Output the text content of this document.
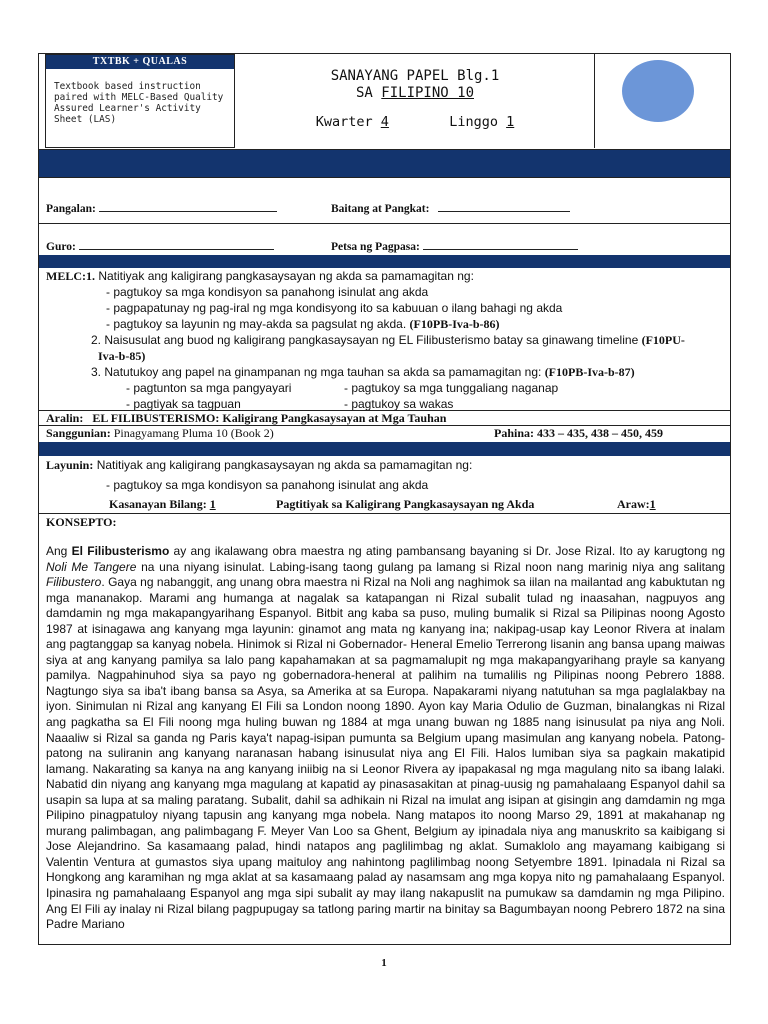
TXTBK + QUALAS
Textbook based instruction paired with MELC-Based Quality Assured Learner's Activity Sheet (LAS)
SANAYANG PAPEL Blg.1
SA FILIPINO 10
Kwarter 4	Linggo 1
Pangalan:	Baitang at Pangkat:
Guro:	Petsa ng Pagpasa:
MELC:1. Natitiyak ang kaligirang pangkasaysayan ng akda sa pamamagitan ng:
- pagtukoy sa mga kondisyon sa panahong isinulat ang akda
- pagpapatunay ng pag-iral ng mga kondisyong ito sa kabuuan o ilang bahagi ng akda
- pagtukoy sa layunin ng may-akda sa pagsulat ng akda. (F10PB-Iva-b-86)
2. Naisusulat ang buod ng kaligirang pangkasaysayan ng EL Filibusterismo batay sa ginawang timeline (F10PU-
Iva-b-85)
3. Natutukoy ang papel na ginampanan ng mga tauhan sa akda sa pamamagitan ng: (F10PB-Iva-b-87)
- pagtunton sa mga pangyayari	- pagtukoy sa mga tunggaliang naganap
- pagtiyak sa tagpuan	- pagtukoy sa wakas
Aralin: EL FILIBUSTERISMO: Kaligirang Pangkasaysayan at Mga Tauhan
Sanggunian: Pinagyamang Pluma 10 (Book 2)	Pahina: 433 – 435, 438 – 450, 459
Layunin: Natitiyak ang kaligirang pangkasaysayan ng akda sa pamamagitan ng:
- pagtukoy sa mga kondisyon sa panahong isinulat ang akda
Kasanayan Bilang: 1	Pagtitiyak sa Kaligirang Pangkasaysayan ng Akda	Araw:1
KONSEPTO:

Ang El Filibusterismo ay ang ikalawang obra maestra ng ating pambansang bayaning si Dr. Jose Rizal. Ito ay karugtong ng Noli Me Tangere na una niyang isinulat. Labing-isang taong gulang pa lamang si Rizal noon nang marinig niya ang salitang Filibustero. Gaya ng nabanggit, ang unang obra maestra ni Rizal na Noli ang naghimok sa iilan na mailantad ang kabuktutan ng mga mananakop. Marami ang humanga at nagalak sa katapangan ni Rizal subalit tulad ng inaasahan, nagpuyos ang damdamin ng mga makapangyarihang Espanyol. Bitbit ang kaba sa puso, muling bumalik si Rizal sa Pilipinas noong Agosto 1987 at isinagawa ang kanyang mga layunin: ginamot ang mata ng kanyang ina; nakipag-usap kay Leonor Rivera at inalam ang pagtanggap sa kanyag nobela. Hinimok si Rizal ni Gobernador- Heneral Emelio Terrerong lisanin ang bansa upang maiwas siya at ang kanyang pamilya sa lalo pang kapahamakan at sa pagmamalupit ng mga makapangyarihang prayle sa kanyang pamilya. Nagpahinuhod siya sa payo ng gobernadora-heneral at palihim na tumalilis ng Pilipinas noong Pebrero 1888. Nagtungo siya sa iba't ibang bansa sa Asya, sa Amerika at sa Europa. Napakarami niyang natutuhan sa mga paglalakbay na iyon. Sinimulan ni Rizal ang kanyang El Fili sa London noong 1890. Ayon kay Maria Odulio de Guzman, binalangkas ni Rizal ang pagkatha sa El Fili noong mga huling buwan ng 1884 at mga unang buwan ng 1885 nang isinusulat pa niya ang Noli. Naaaliw si Rizal sa ganda ng Paris kaya't napag-isipan pumunta sa Belgium upang masimulan ang kanyang nobela. Patong-patong na suliranin ang kanyang naranasan habang isinusulat niya ang El Fili. Halos lumiban siya sa pagkain makatipid lamang. Nakarating sa kanya na ang kanyang iniibig na si Leonor Rivera ay ipapakasal ng mga magulang nito sa ibang lalaki. Nabatid din niyang ang kanyang mga magulang at kapatid ay pinasasakitan at pinag-uusig ng pamahalaang Espanyol dahil sa usapin sa lupa at sa maling paratang. Subalit, dahil sa adhikain ni Rizal na imulat ang isipan at gisingin ang damdamin ng mga Pilipino pinagpatuloy niyang tapusin ang kanyang mga nobela. Nang matapos ito noong Marso 29, 1891 at makahanap ng murang palimbagan, ang palimbagang F. Meyer Van Loo sa Ghent, Belgium ay ipinadala niya ang manuskrito sa kaibigang si Jose Alejandrino. Sa kasamaang palad, hindi natapos ang paglilimbag ng aklat. Sumaklolo ang mayamang kaibigang si Valentin Ventura at gumastos siya upang maituloy ang nahintong paglilimbag noong Setyembre 1891. Ipinadala ni Rizal sa Hongkong ang karamihan ng mga aklat at sa kasamaang palad ay nasamsam ang mga kopya nito ng pamahalaang Espanyol. Ipinasira ng pamahalaang Espanyol ang mga sipi subalit ay may ilang nakapuslit na pumukaw sa damdamin ng mga Pilipino. Ang El Fili ay inalay ni Rizal bilang pagpupugay sa tatlong paring martir na binitay sa Bagumbayan noong Pebrero 1872 na sina Padre Mariano

1
